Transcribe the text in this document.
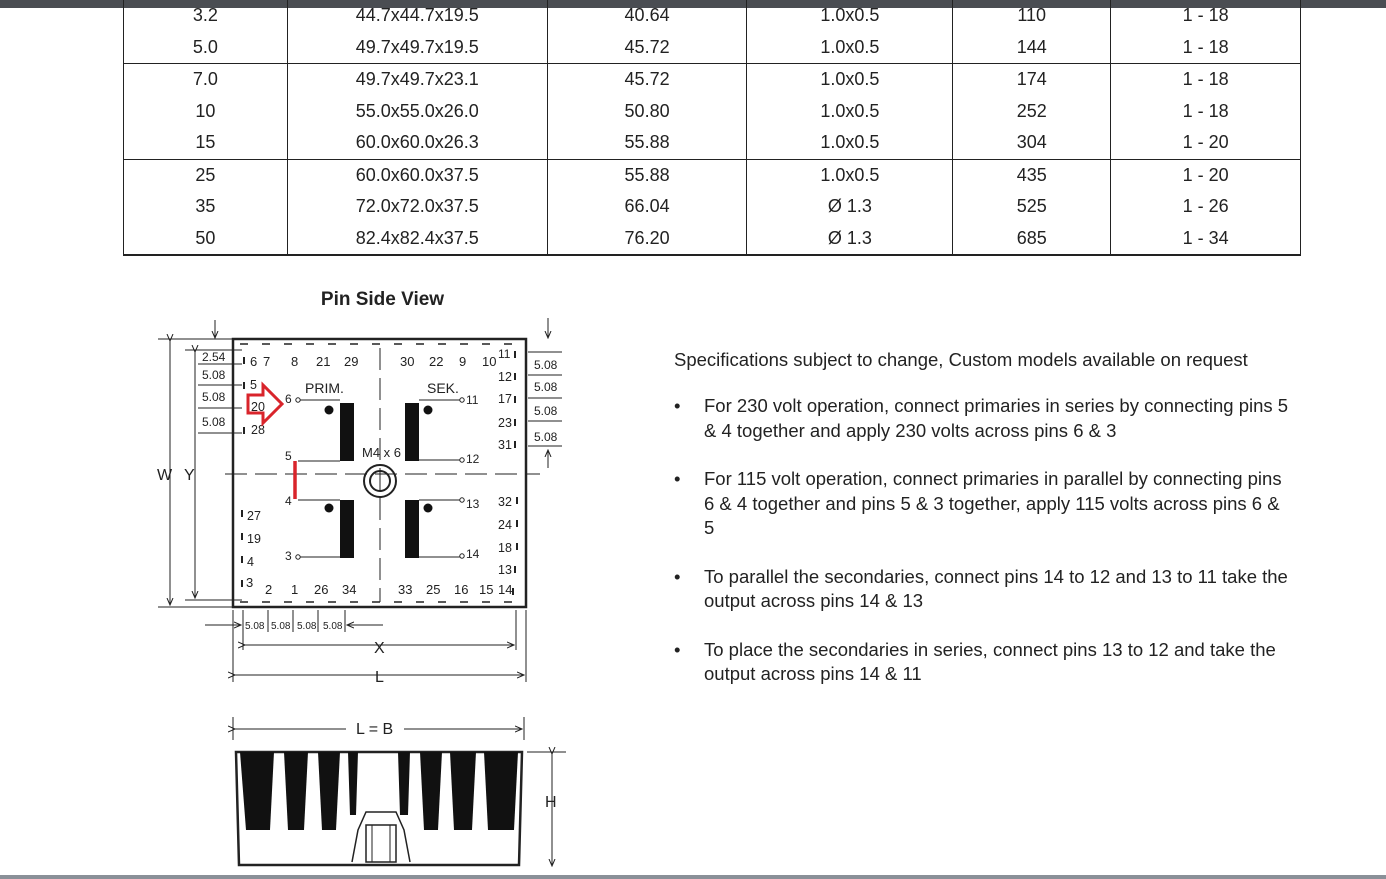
3.2	44.7x44.7x19.5	40.64	1.0x0.5	110	1 - 18
5.0	49.7x49.7x19.5	45.72	1.0x0.5	144	1 - 18
7.0	49.7x49.7x23.1	45.72	1.0x0.5	174	1 - 18
10	55.0x55.0x26.0	50.80	1.0x0.5	252	1 - 18
15	60.0x60.0x26.3	55.88	1.0x0.5	304	1 - 20
25	60.0x60.0x37.5	55.88	1.0x0.5	435	1 - 20
35	72.0x72.0x37.5	66.04	Ø 1.3	525	1 - 26
50	82.4x82.4x37.5	76.20	Ø 1.3	685	1 - 34
Pin Side View
M4 x 6
PRIM.	SEK.
6
5
4
3
11
12
13
14
6 7 8 21 29	30 22 9 10 11
3 2 1 26 34	33 25 16 15 14
5
20
28
27
19
4
12
17
23
31
32
24
18
13
2.54
5.08
5.08
5.08
W Y
5.08
5.08
5.08
5.08
5.08 5.08 5.08 5.08
X
L
L = B
H

Specifications subject to change, Custom models available on request

• For 230 volt operation, connect primaries in series by connecting pins 5 & 4 together and apply 230 volts across pins 6 & 3
• For 115 volt operation, connect primaries in parallel by connecting pins 6 & 4 together and pins 5 & 3 together, apply 115 volts across pins 6 & 5
• To parallel the secondaries, connect pins 14 to 12 and 13 to 11 take the output across pins 14 & 13
• To place the secondaries in series, connect pins 13 to 12 and take the output across pins 14 & 11
